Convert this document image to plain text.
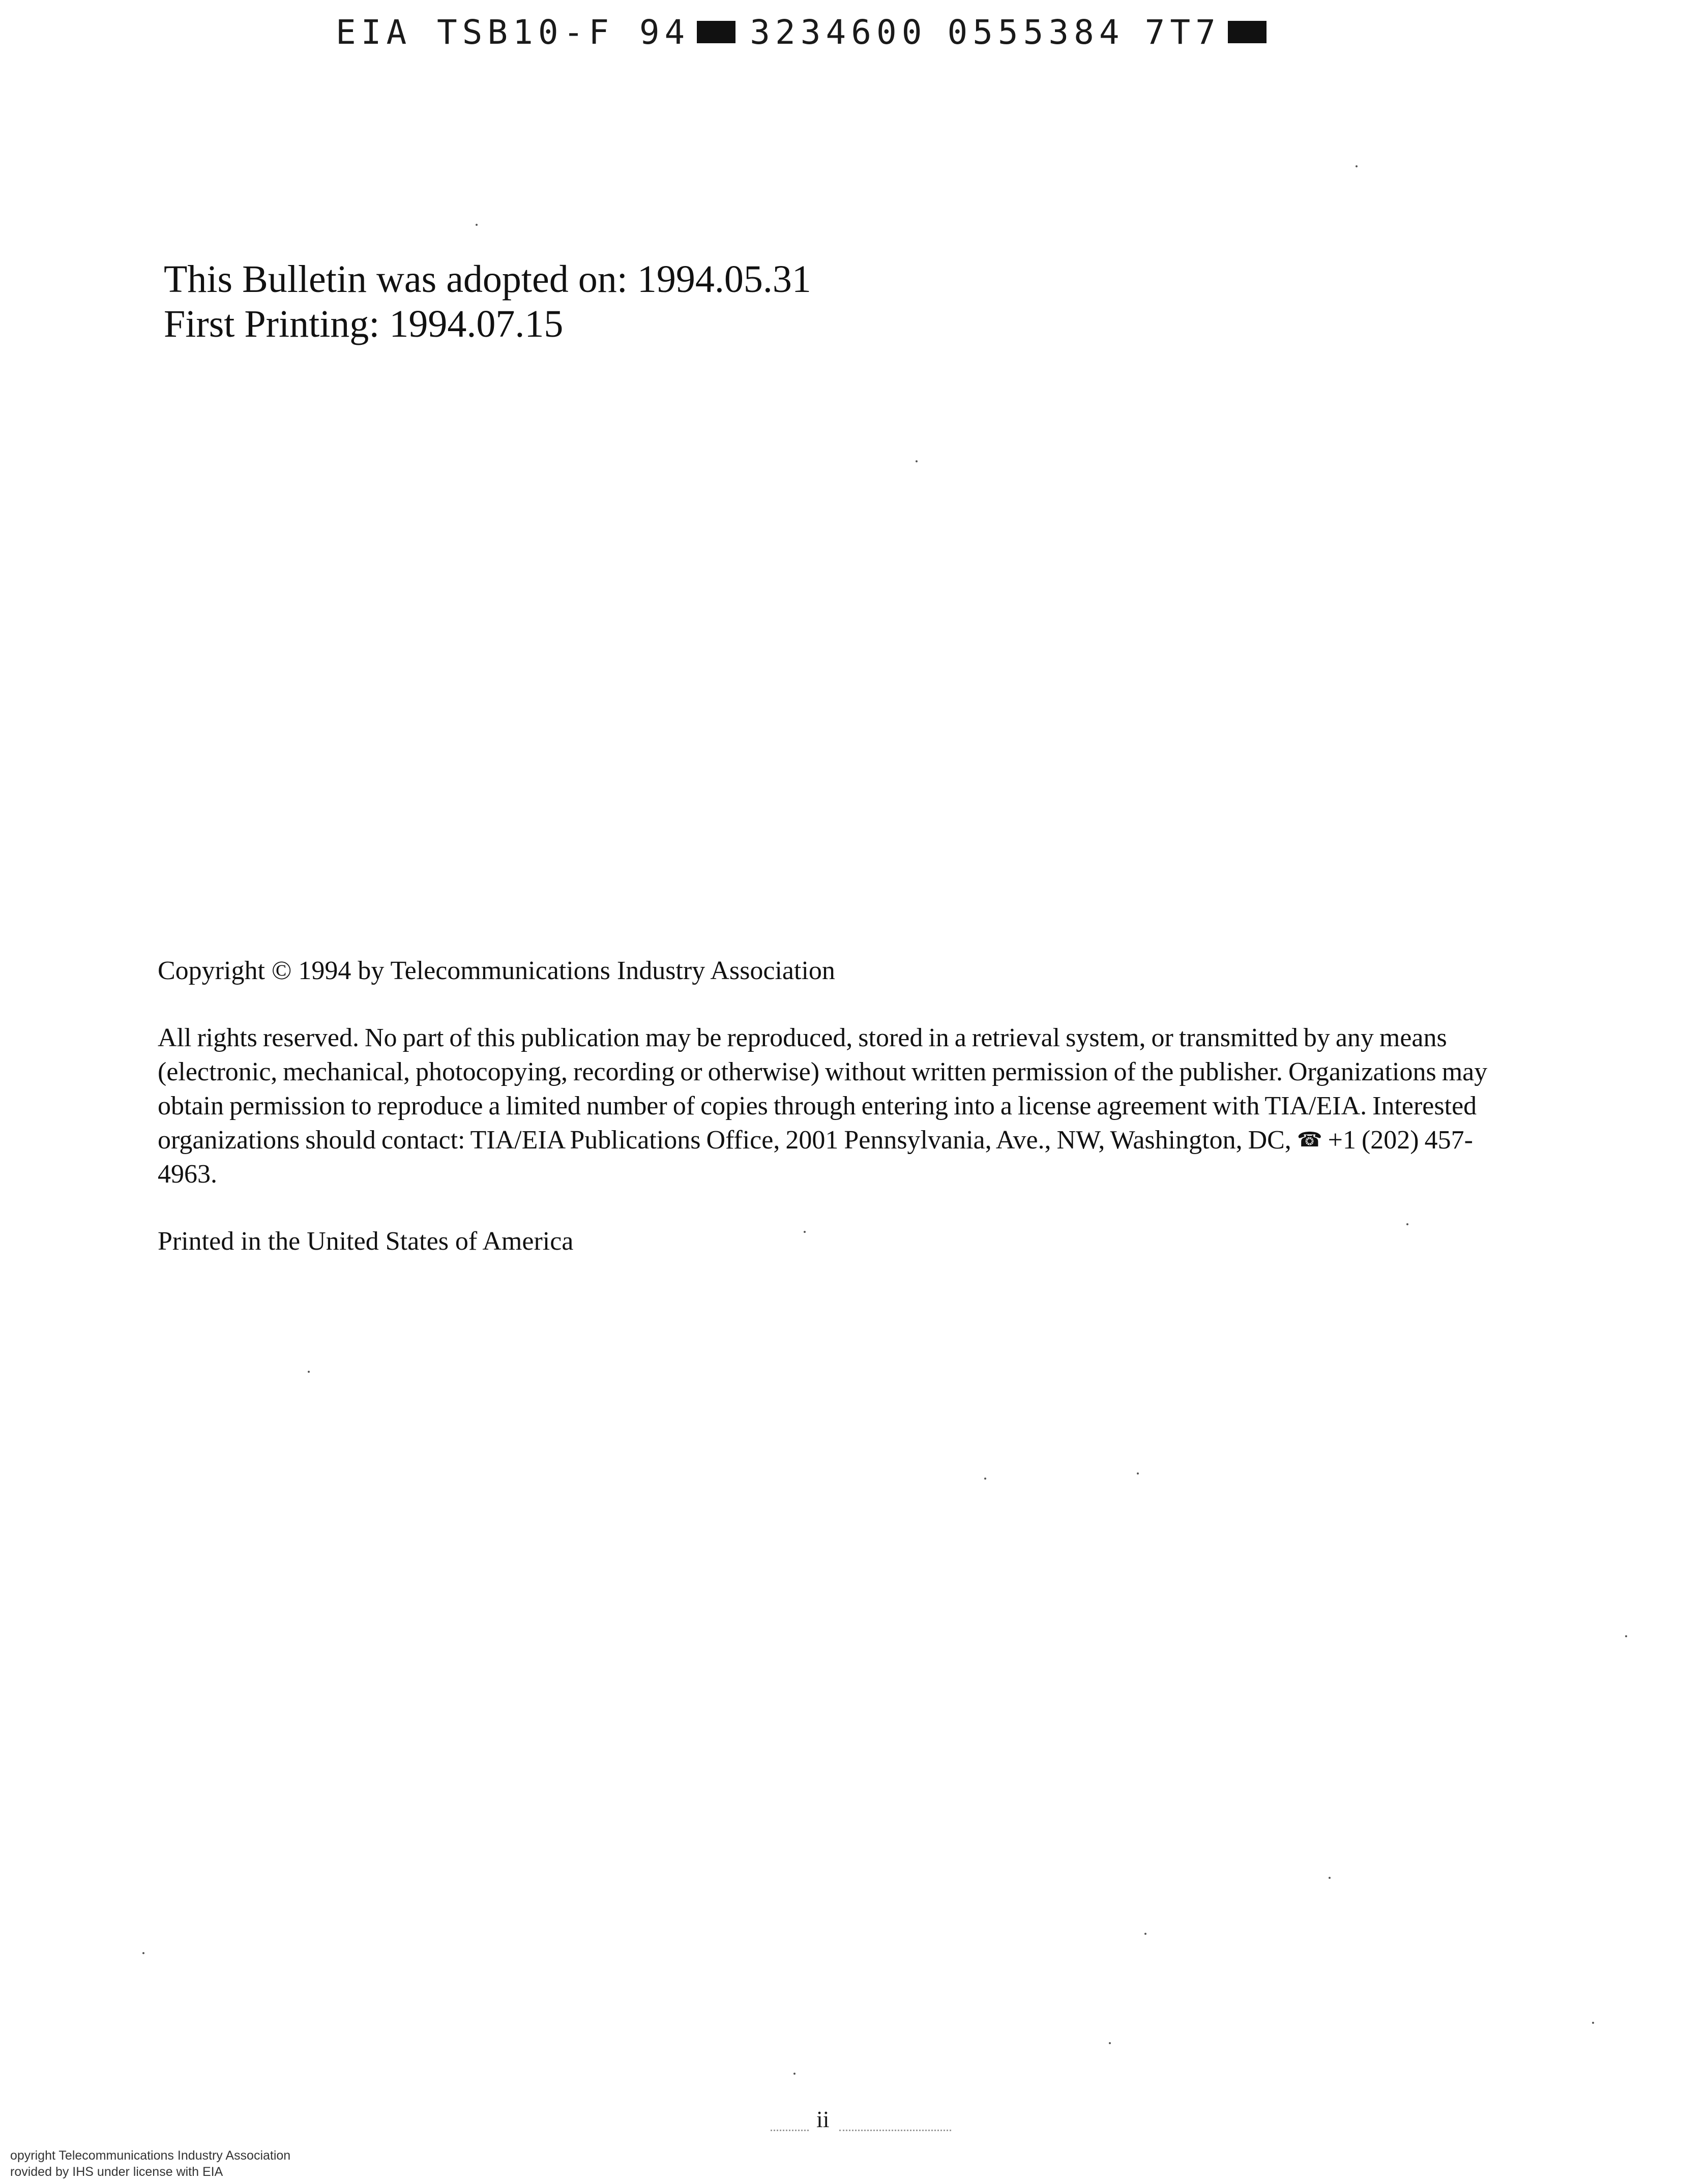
EIA TSB10-F 94 3234600 0555384 7T7
This Bulletin was adopted on: 1994.05.31
First Printing: 1994.07.15

Copyright © 1994 by Telecommunications Industry Association

All rights reserved. No part of this publication may be reproduced, stored in a retrieval system, or transmitted by any means (electronic, mechanical, photocopying, recording or otherwise) without written permission of the publisher. Organizations may obtain permission to reproduce a limited number of copies through entering into a license agreement with TIA/EIA. Interested organizations should contact: TIA/EIA Publications Office, 2001 Pennsylvania, Ave., NW, Washington, DC, ☎ +1 (202) 457-4963.

Printed in the United States of America

ii
opyright Telecommunications Industry Association
rovided by IHS under license with EIA
